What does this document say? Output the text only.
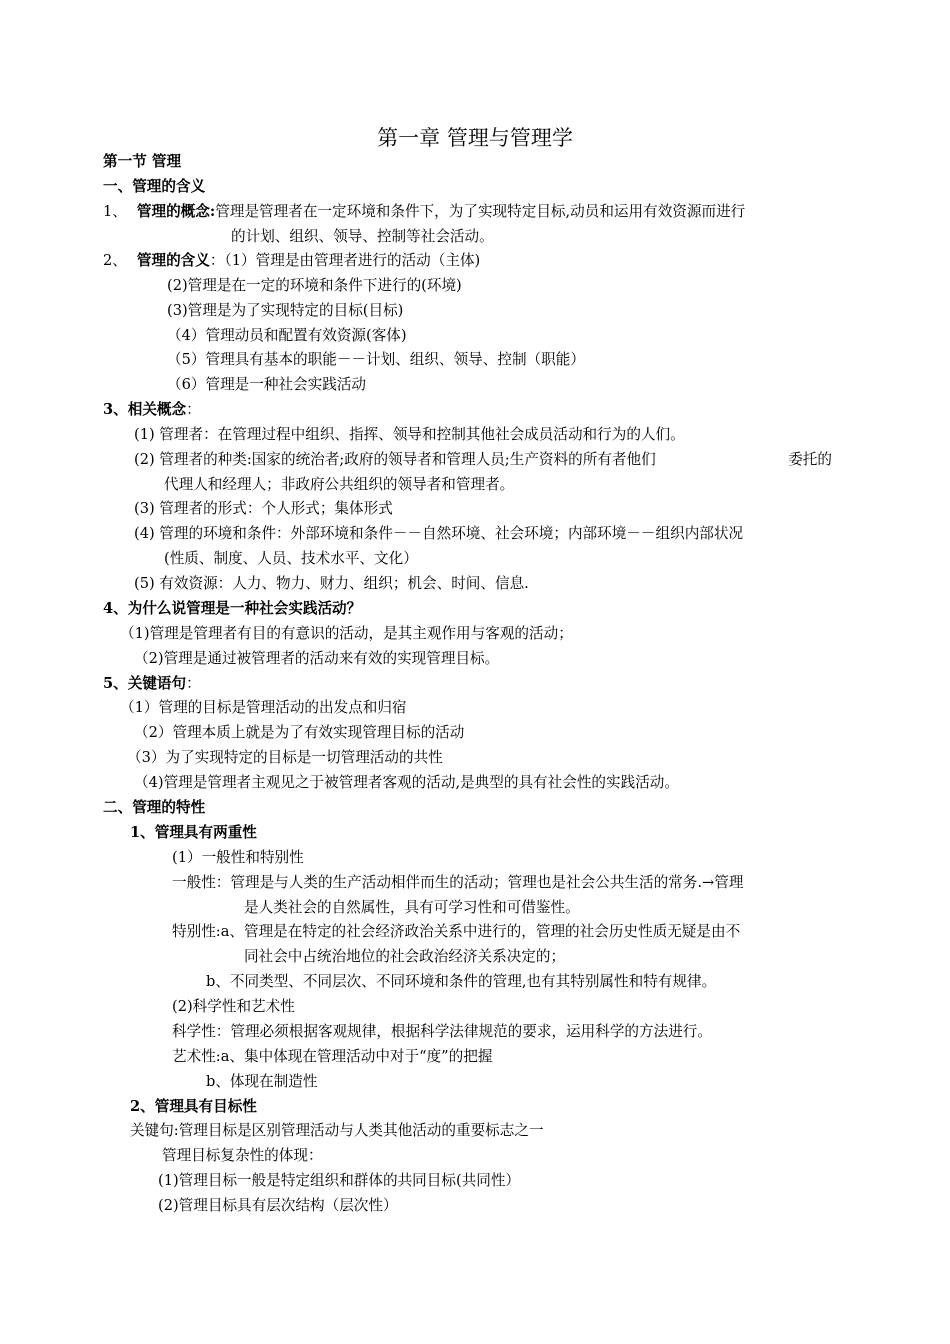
第一章 管理与管理学
第一节 管理
一、管理的含义
1、 管理的概念:管理是管理者在一定环境和条件下，为了实现特定目标,动员和运用有效资源而进行
的计划、组织、领导、控制等社会活动。
2、 管理的含义：（1）管理是由管理者进行的活动（主体)
(2)管理是在一定的环境和条件下进行的(环境)
(3)管理是为了实现特定的目标(目标)
（4）管理动员和配置有效资源(客体)
（5）管理具有基本的职能－－计划、组织、领导、控制（职能）
（6）管理是一种社会实践活动
3、相关概念：
(1) 管理者：在管理过程中组织、指挥、领导和控制其他社会成员活动和行为的人们。
(2) 管理者的种类:国家的统治者;政府的领导者和管理人员;生产资料的所有者他们	委托的
代理人和经理人；非政府公共组织的领导者和管理者。
(3) 管理者的形式：个人形式；集体形式
(4) 管理的环境和条件：外部环境和条件－－自然环境、社会环境；内部环境－－组织内部状况
(性质、制度、人员、技术水平、文化）
(5) 有效资源：人力、物力、财力、组织；机会、时间、信息.
4、为什么说管理是一种社会实践活动？
（1)管理是管理者有目的有意识的活动，是其主观作用与客观的活动；
（2)管理是通过被管理者的活动来有效的实现管理目标。
5、关键语句：
（1）管理的目标是管理活动的出发点和归宿
（2）管理本质上就是为了有效实现管理目标的活动
（3）为了实现特定的目标是一切管理活动的共性
（4)管理是管理者主观见之于被管理者客观的活动,是典型的具有社会性的实践活动。
二、管理的特性
1、管理具有两重性
(1）一般性和特别性
一般性：管理是与人类的生产活动相伴而生的活动；管理也是社会公共生活的常务.→管理
是人类社会的自然属性，具有可学习性和可借鉴性。
特别性:a、管理是在特定的社会经济政治关系中进行的，管理的社会历史性质无疑是由不
同社会中占统治地位的社会政治经济关系决定的；
b、不同类型、不同层次、不同环境和条件的管理,也有其特别属性和特有规律。
(2)科学性和艺术性
科学性：管理必须根据客观规律，根据科学法律规范的要求，运用科学的方法进行。
艺术性:a、集中体现在管理活动中对于“度”的把握
b、体现在制造性
2、管理具有目标性
关键句:管理目标是区别管理活动与人类其他活动的重要标志之一
管理目标复杂性的体现：
(1)管理目标一般是特定组织和群体的共同目标(共同性）
(2)管理目标具有层次结构（层次性）
